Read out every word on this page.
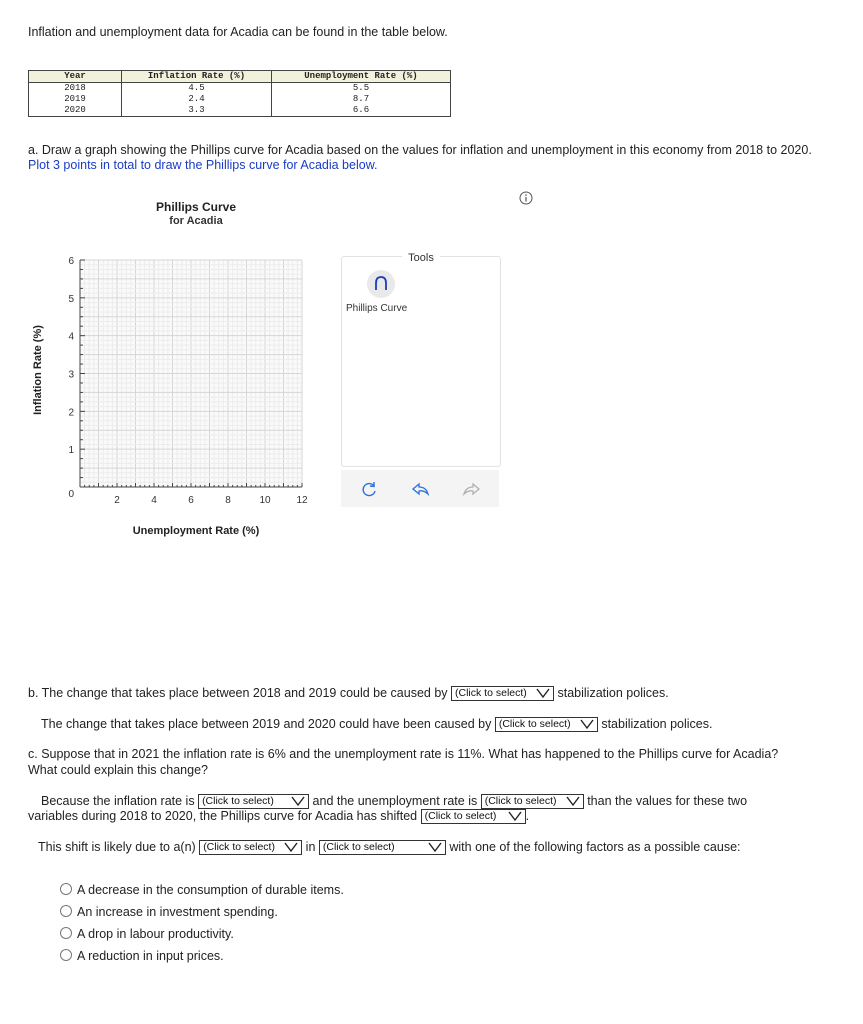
Inflation and unemployment data for Acadia can be found in the table below.
Year	Inflation Rate (%)	Unemployment Rate (%)
2018	4.5	5.5
2019	2.4	8.7
2020	3.3	6.6
a. Draw a graph showing the Phillips curve for Acadia based on the values for inflation and unemployment in this economy from 2018 to 2020. Plot 3 points in total to draw the Phillips curve for Acadia below.
Phillips Curve
for Acadia
2	4	6	8	10	12
0
1
2
3
4
5
6
Unemployment Rate (%)
Inflation Rate (%)
Tools
Phillips Curve
b. The change that takes place between 2018 and 2019 could be caused by (Click to select) stabilization polices.
The change that takes place between 2019 and 2020 could have been caused by (Click to select) stabilization polices.
c. Suppose that in 2021 the inflation rate is 6% and the unemployment rate is 11%. What has happened to the Phillips curve for Acadia?
What could explain this change?
Because the inflation rate is (Click to select)	and the unemployment rate is (Click to select) than the values for these two
variables during 2018 to 2020, the Phillips curve for Acadia has shifted (Click to select) .
This shift is likely due to a(n) (Click to select) in (Click to select)	with one of the following factors as a possible cause:
A decrease in the consumption of durable items.
An increase in investment spending.
A drop in labour productivity.
A reduction in input prices.
